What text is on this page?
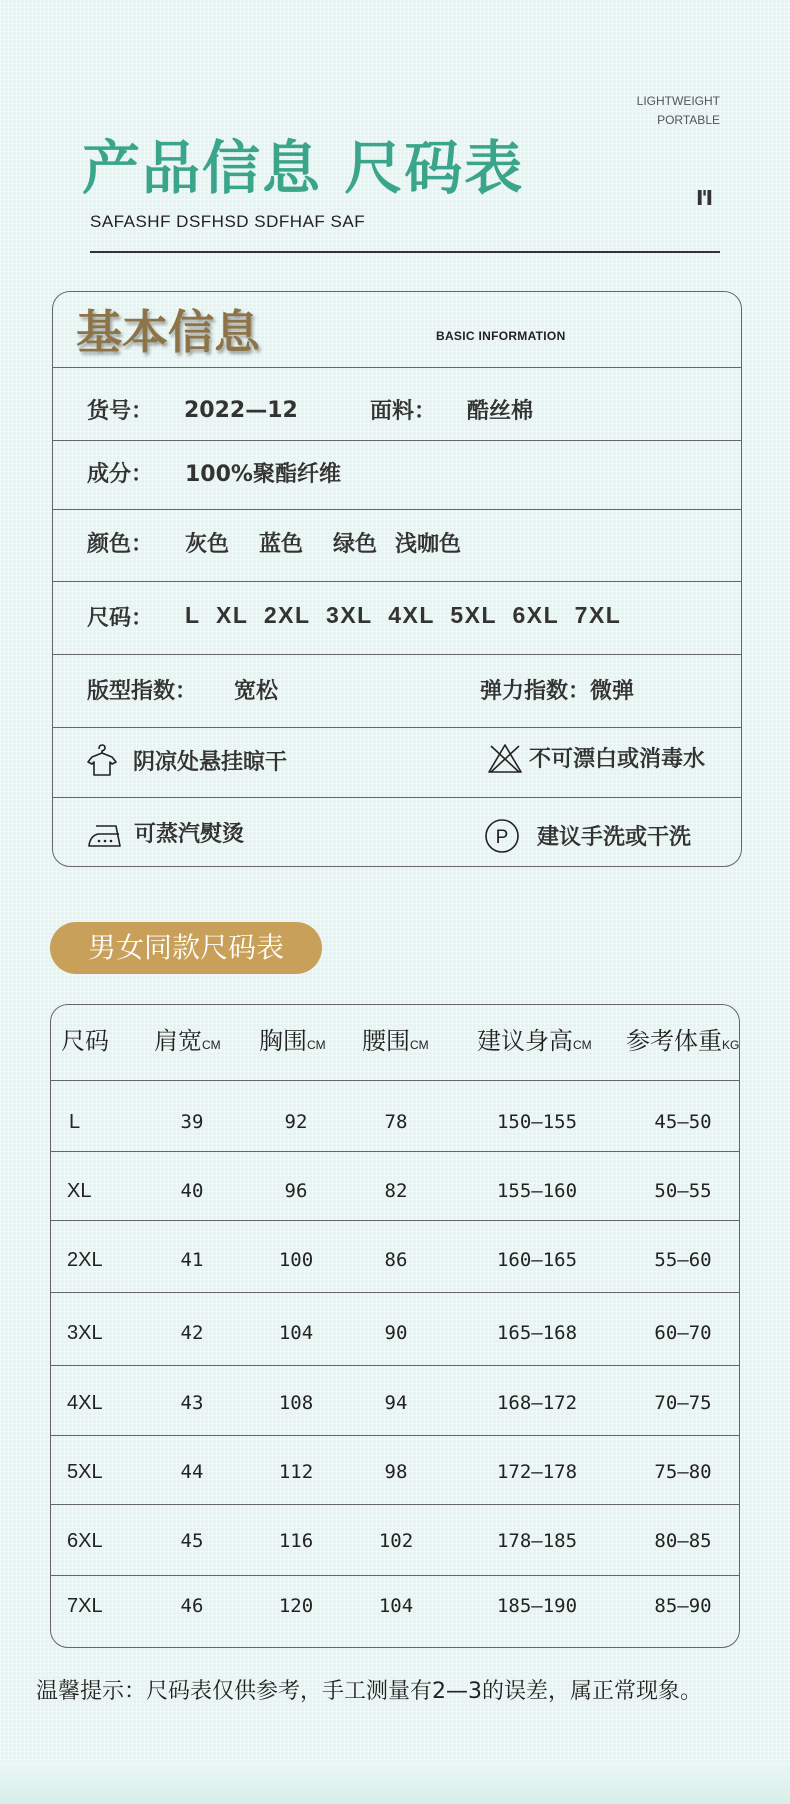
LIGHTWEIGHT
PORTABLE
产品信息 尺码表
SAFASHF DSFHSD SDFHAF SAF
I'I
基本信息	BASIC INFORMATION
货号： 2022—12	面料： 酷丝棉
成分： 100%聚酯纤维
颜色： 灰色 蓝色 绿色 浅咖色
尺码： L XL 2XL 3XL 4XL 5XL 6XL 7XL
版型指数： 宽松	弹力指数：微弹
阴凉处悬挂晾干	不可漂白或消毒水
可蒸汽熨烫	P 建议手洗或干洗
男女同款尺码表
尺码 肩宽CM 胸围CM 腰围CM 建议身高CM 参考体重KG
L	39	92	78	150—155	45—50
XL	40	96	82	155—160	50—55
2XL	41	100	86	160—165	55—60
3XL	42	104	90	165—168	60—70
4XL	43	108	94	168—172	70—75
5XL	44	112	98	172—178	75—80
6XL	45	116	102	178—185	80—85
7XL	46	120	104	185—190	85—90
温馨提示：尺码表仅供参考，手工测量有2—3的误差，属正常现象。
